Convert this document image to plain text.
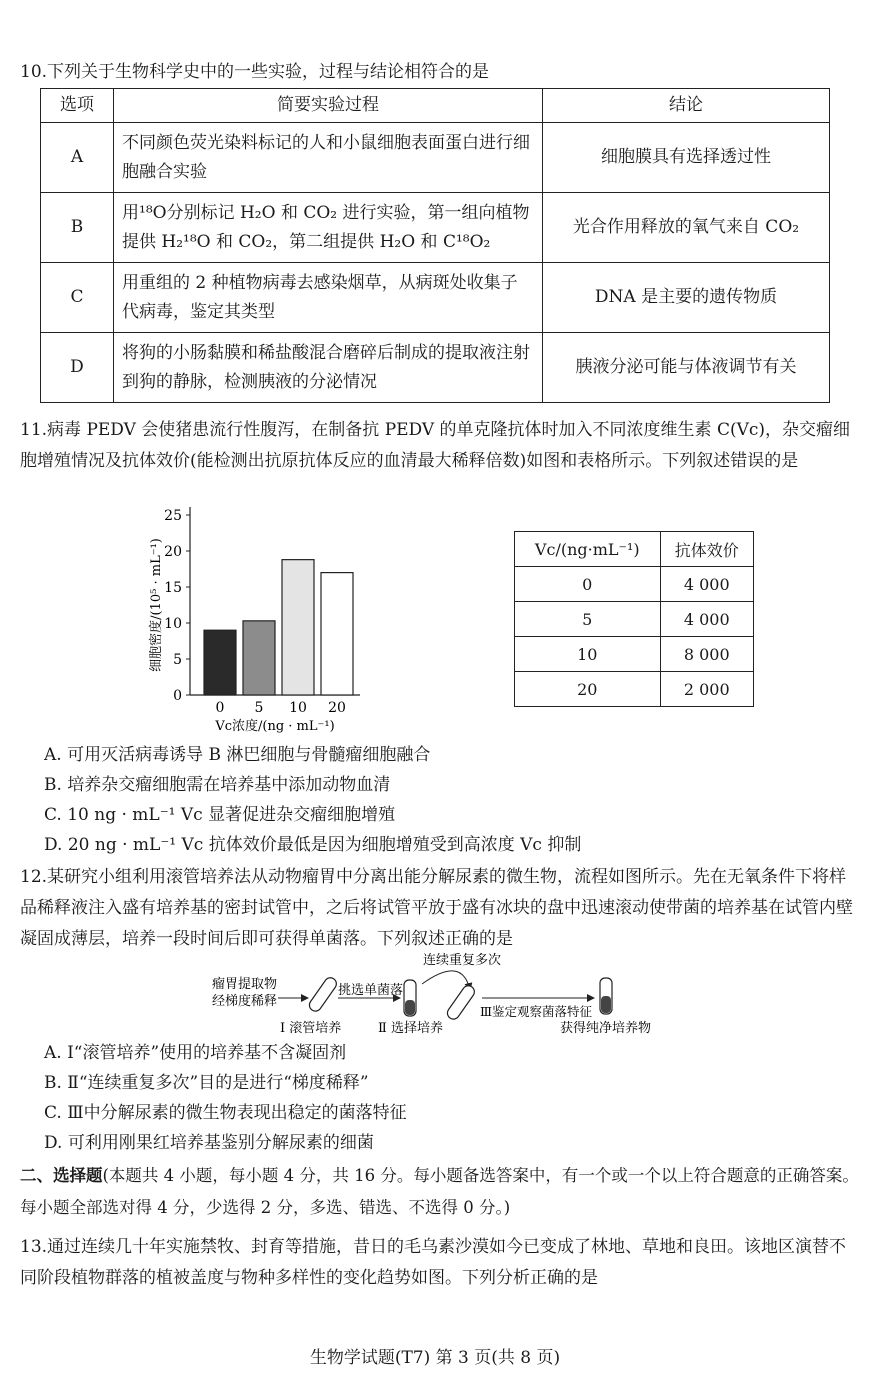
10.下列关于生物科学史中的一些实验，过程与结论相符合的是
选项	简要实验过程	结论
A	不同颜色荧光染料标记的人和小鼠细胞表面蛋白进行细胞融合实验	细胞膜具有选择透过性
B	用¹⁸O分别标记 H₂O 和 CO₂ 进行实验，第一组向植物提供 H₂¹⁸O 和 CO₂，第二组提供 H₂O 和 C¹⁸O₂	光合作用释放的氧气来自 CO₂
C	用重组的 2 种植物病毒去感染烟草，从病斑处收集子代病毒，鉴定其类型	DNA 是主要的遗传物质
D	将狗的小肠黏膜和稀盐酸混合磨碎后制成的提取液注射到狗的静脉，检测胰液的分泌情况	胰液分泌可能与体液调节有关
11.病毒 PEDV 会使猪患流行性腹泻，在制备抗 PEDV 的单克隆抗体时加入不同浓度维生素 C(Vc)，杂交瘤细胞增殖情况及抗体效价(能检测出抗原抗体反应的血清最大稀释倍数)如图和表格所示。下列叙述错误的是
0
5
10
15
20
25
0 5 10 20
Vc浓度/(ng · mL⁻¹)
细胞密度/(10⁵ · mL⁻¹)	Vc/(ng·mL⁻¹)	抗体效价
0	4 000
5	4 000
10	8 000
20	2 000
A. 可用灭活病毒诱导 B 淋巴细胞与骨髓瘤细胞融合
B. 培养杂交瘤细胞需在培养基中添加动物血清
C. 10 ng · mL⁻¹ Vc 显著促进杂交瘤细胞增殖
D. 20 ng · mL⁻¹ Vc 抗体效价最低是因为细胞增殖受到高浓度 Vc 抑制
12.某研究小组利用滚管培养法从动物瘤胃中分离出能分解尿素的微生物，流程如图所示。先在无氧条件下将样品稀释液注入盛有培养基的密封试管中，之后将试管平放于盛有冰块的盘中迅速滚动使带菌的培养基在试管内壁凝固成薄层，培养一段时间后即可获得单菌落。下列叙述正确的是
连续重复多次
瘤胃提取物
经梯度稀释
挑选单菌落
Ⅲ鉴定观察菌落特征
Ⅰ 滚管培养	Ⅱ 选择培养	获得纯净培养物
A. Ⅰ“滚管培养”使用的培养基不含凝固剂
B. Ⅱ“连续重复多次”目的是进行“梯度稀释”
C. Ⅲ中分解尿素的微生物表现出稳定的菌落特征
D. 可利用刚果红培养基鉴别分解尿素的细菌
二、选择题(本题共 4 小题，每小题 4 分，共 16 分。每小题备选答案中，有一个或一个以上符合题意的正确答案。每小题全部选对得 4 分，少选得 2 分，多选、错选、不选得 0 分。)
13.通过连续几十年实施禁牧、封育等措施，昔日的毛乌素沙漠如今已变成了林地、草地和良田。该地区演替不同阶段植物群落的植被盖度与物种多样性的变化趋势如图。下列分析正确的是
生物学试题(T7) 第 3 页(共 8 页)
